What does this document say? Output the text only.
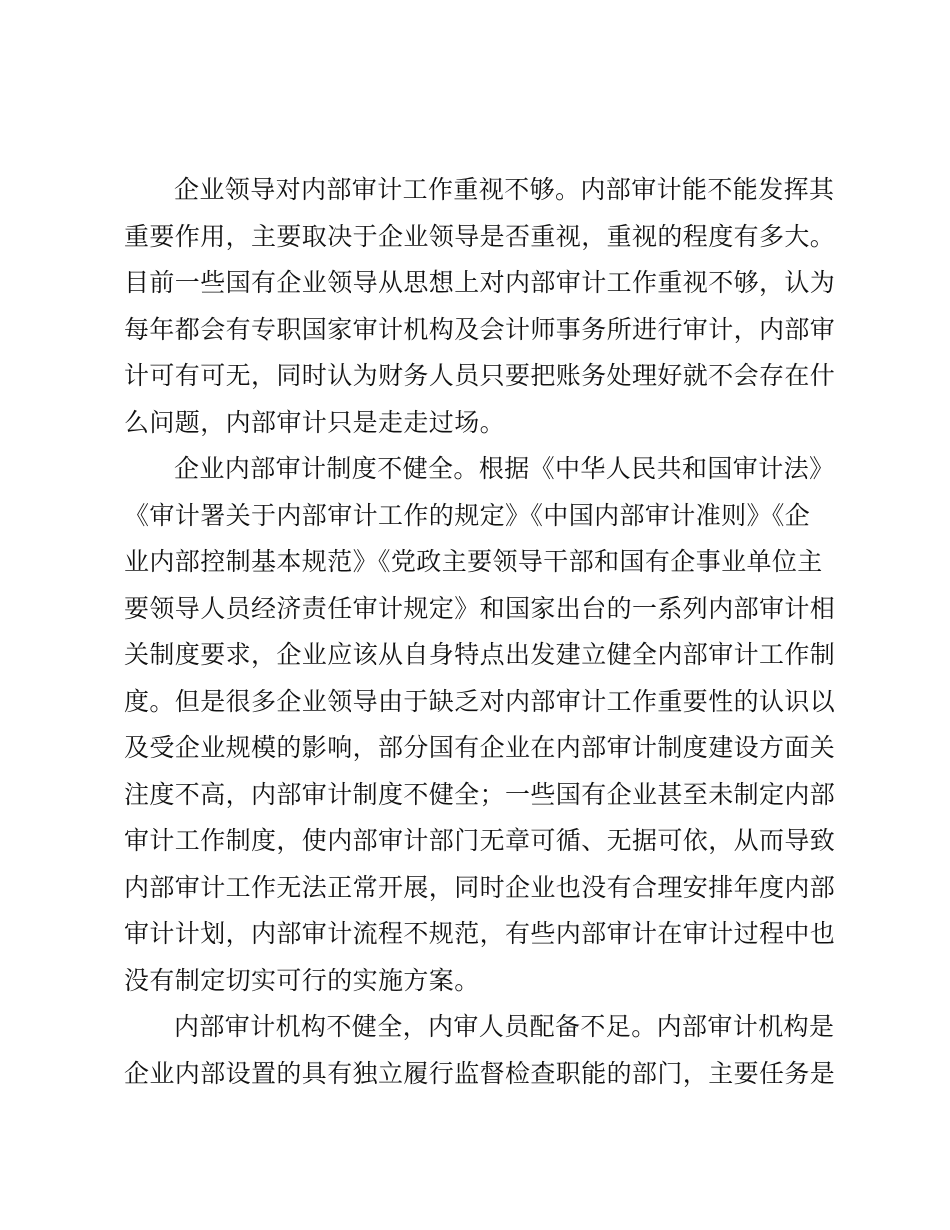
企业领导对内部审计工作重视不够。内部审计能不能发挥其
重要作用，主要取决于企业领导是否重视，重视的程度有多大。
目前一些国有企业领导从思想上对内部审计工作重视不够，认为
每年都会有专职国家审计机构及会计师事务所进行审计，内部审
计可有可无，同时认为财务人员只要把账务处理好就不会存在什
么问题，内部审计只是走走过场。
企业内部审计制度不健全。根据《中华人民共和国审计法》
《审计署关于内部审计工作的规定》《中国内部审计准则》《企
业内部控制基本规范》《党政主要领导干部和国有企事业单位主
要领导人员经济责任审计规定》和国家出台的一系列内部审计相
关制度要求，企业应该从自身特点出发建立健全内部审计工作制
度。但是很多企业领导由于缺乏对内部审计工作重要性的认识以
及受企业规模的影响，部分国有企业在内部审计制度建设方面关
注度不高，内部审计制度不健全；一些国有企业甚至未制定内部
审计工作制度，使内部审计部门无章可循、无据可依，从而导致
内部审计工作无法正常开展，同时企业也没有合理安排年度内部
审计计划，内部审计流程不规范，有些内部审计在审计过程中也
没有制定切实可行的实施方案。
内部审计机构不健全，内审人员配备不足。内部审计机构是
企业内部设置的具有独立履行监督检查职能的部门，主要任务是
